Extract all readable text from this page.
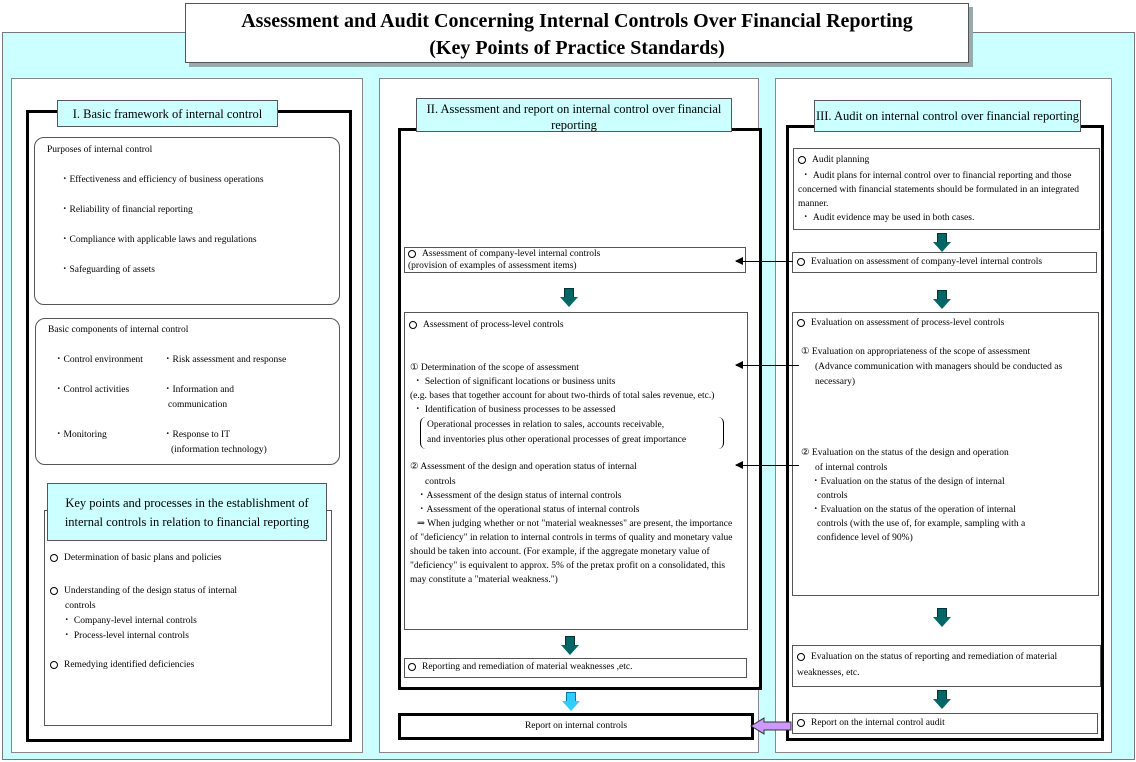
Assessment and Audit Concerning Internal Controls Over Financial Reporting
(Key Points of Practice Standards)
I. Basic framework of internal control
Purposes of internal control
・Effectiveness and efficiency of business operations
・Reliability of financial reporting
・Compliance with applicable laws and regulations
・Safeguarding of assets
Basic components of internal control
・Control environment ・Risk assessment and response
・Control activities	・Information and
communication
・Monitoring	・Response to IT
(information technology)
Determination of basic plans and policies
Understanding of the design status of internal
controls
・ Company-level internal controls
・ Process-level internal controls
Remedying identified deficiencies
Key points and processes in the establishment of
internal controls in relation to financial reporting
II. Assessment and report on internal control over financial
reporting
Assessment of company-level internal controls
(provision of examples of assessment items)
Assessment of process-level controls
① Determination of the scope of assessment
・ Selection of significant locations or business units
(e.g. bases that together account for about two-thirds of total sales revenue, etc.)
・ Identification of business processes to be assessed
Operational processes in relation to sales, accounts receivable,
and inventories plus other operational processes of great importance
② Assessment of the design and operation status of internal
controls
・Assessment of the design status of internal controls
・Assessment of the operational status of internal controls
⇒ When judging whether or not "material weaknesses" are present, the importance
of "deficiency" in relation to internal controls in terms of quality and monetary value
should be taken into account. (For example, if the aggregate monetary value of
"deficiency" is equivalent to approx. 5% of the pretax profit on a consolidated, this
may constitute a "material weakness.")
Reporting and remediation of material weaknesses ,etc.
Report on internal controls
III. Audit on internal control over financial reporting
Audit planning
・ Audit plans for internal control over to financial reporting and those
concerned with financial statements should be formulated in an integrated
manner.
・ Audit evidence may be used in both cases.
Evaluation on assessment of company-level internal controls
Evaluation on assessment of process-level controls
① Evaluation on appropriateness of the scope of assessment
(Advance communication with managers should be conducted as
necessary)
② Evaluation on the status of the design and operation
of internal controls
・Evaluation on the status of the design of internal
controls
・Evaluation on the status of the operation of internal
controls (with the use of, for example, sampling with a
confidence level of 90%)
Evaluation on the status of reporting and remediation of material
weaknesses, etc.
Report on the internal control audit
